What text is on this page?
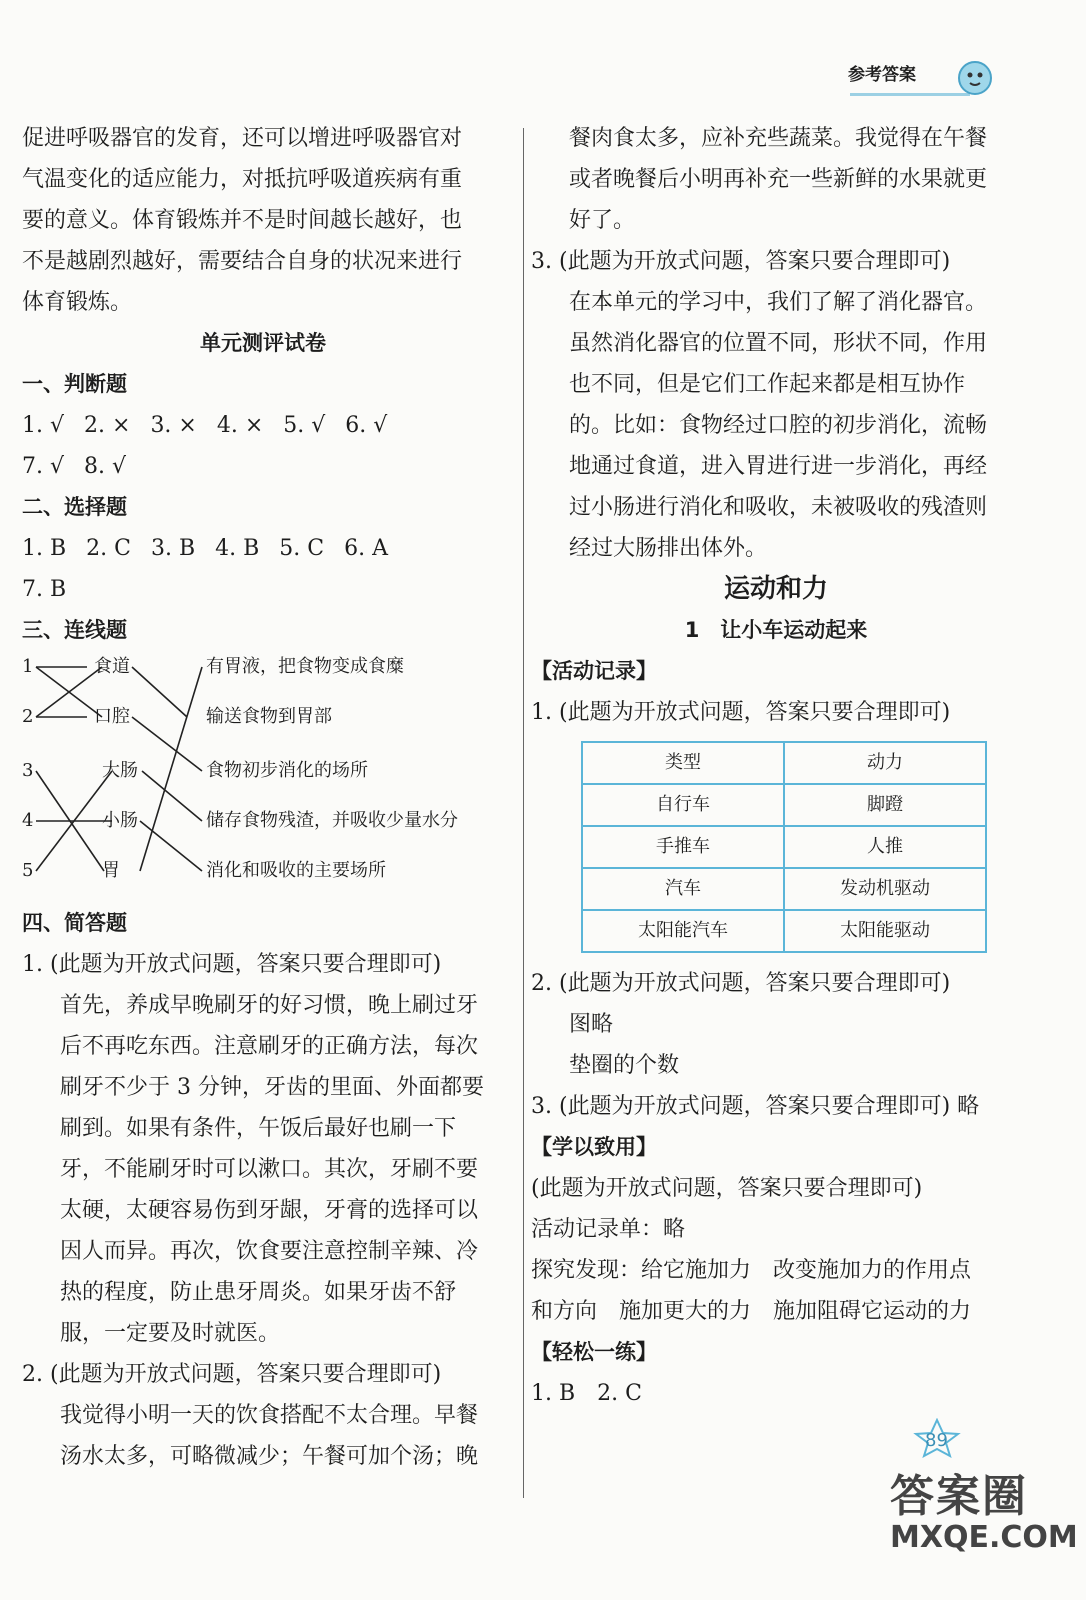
参考答案

促进呼吸器官的发育，还可以增进呼吸器官对

气温变化的适应能力，对抵抗呼吸道疾病有重

要的意义。体育锻炼并不是时间越长越好，也

不是越剧烈越好，需要结合自身的状况来进行

体育锻炼。

单元测评试卷

一、判断题

1. √ 2. × 3. × 4. × 5. √ 6. √

7. √ 8. √

二、选择题

1. B 2. C 3. B 4. B 5. C 6. A

7. B

三、连线题

1
2
3
4
5
食道
口腔
大肠
小肠
胃
有胃液，把食物变成食糜
输送食物到胃部
食物初步消化的场所
储存食物残渣，并吸收少量水分
消化和吸收的主要场所

四、简答题

1. (此题为开放式问题，答案只要合理即可)

首先，养成早晚刷牙的好习惯，晚上刷过牙

后不再吃东西。注意刷牙的正确方法，每次

刷牙不少于 3 分钟，牙齿的里面、外面都要

刷到。如果有条件，午饭后最好也刷一下

牙，不能刷牙时可以漱口。其次，牙刷不要

太硬，太硬容易伤到牙龈，牙膏的选择可以

因人而异。再次，饮食要注意控制辛辣、冷

热的程度，防止患牙周炎。如果牙齿不舒

服，一定要及时就医。

2. (此题为开放式问题，答案只要合理即可)

我觉得小明一天的饮食搭配不太合理。早餐

汤水太多，可略微减少；午餐可加个汤；晚

餐肉食太多，应补充些蔬菜。我觉得在午餐

或者晚餐后小明再补充一些新鲜的水果就更

好了。

3. (此题为开放式问题，答案只要合理即可)

在本单元的学习中，我们了解了消化器官。

虽然消化器官的位置不同，形状不同，作用

也不同，但是它们工作起来都是相互协作

的。比如：食物经过口腔的初步消化，流畅

地通过食道，进入胃进行进一步消化，再经

过小肠进行消化和吸收，未被吸收的残渣则

经过大肠排出体外。

运动和力

1　让小车运动起来

【活动记录】

1. (此题为开放式问题，答案只要合理即可)

类型	动力
自行车	脚蹬
手推车	人推
汽车	发动机驱动
太阳能汽车	太阳能驱动

2. (此题为开放式问题，答案只要合理即可)

图略

垫圈的个数

3. (此题为开放式问题，答案只要合理即可) 略

【学以致用】

(此题为开放式问题，答案只要合理即可)

活动记录单：略

探究发现：给它施加力　改变施加力的作用点

和方向　施加更大的力　施加阻碍它运动的力

【轻松一练】

1. B　2. C

89
答案圈
MXQE.COM
